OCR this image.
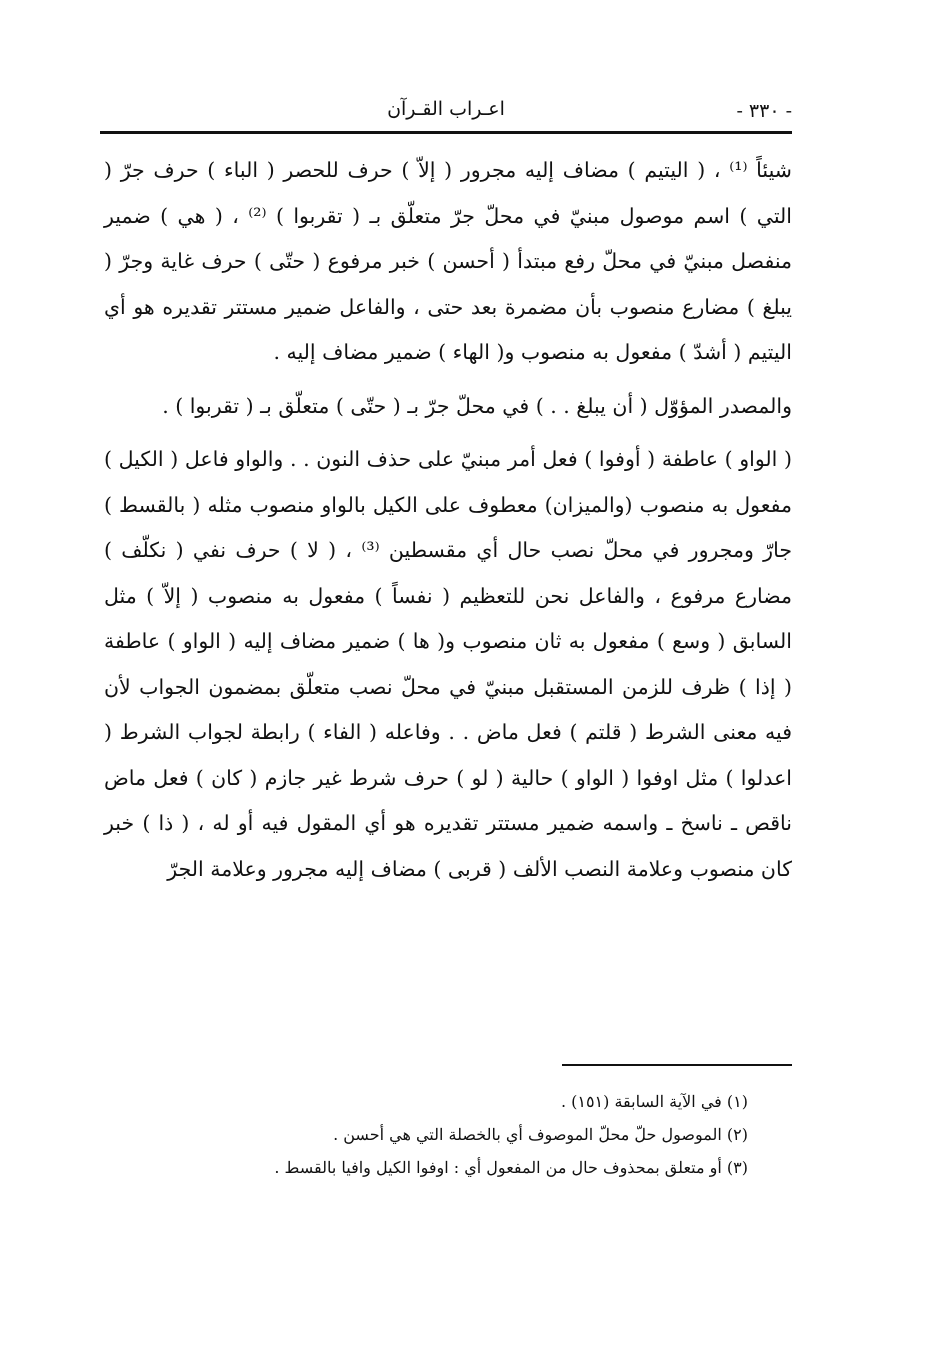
- ٣٣٠ -
اعـراب القـرآن

شيئاً ⁽¹⁾ ، ( اليتيم ) مضاف إليه مجرور ( إلاّ ) حرف للحصر ( الباء ) حرف جرّ ( التي ) اسم موصول مبنيّ في محلّ جرّ متعلّق بـ ( تقربوا ) ⁽²⁾ ، ( هي ) ضمير منفصل مبنيّ في محلّ رفع مبتدأ ( أحسن ) خبر مرفوع ( حتّى ) حرف غاية وجرّ ( يبلغ ) مضارع منصوب بأن مضمرة بعد حتى ، والفاعل ضمير مستتر تقديره هو أي اليتيم ( أشدّ ) مفعول به منصوب و( الهاء ) ضمير مضاف إليه .

والمصدر المؤوّل ( أن يبلغ . . ) في محلّ جرّ بـ ( حتّى ) متعلّق بـ ( تقربوا ) .

( الواو ) عاطفة ( أوفوا ) فعل أمر مبنيّ على حذف النون . . والواو فاعل ( الكيل ) مفعول به منصوب (والميزان) معطوف على الكيل بالواو منصوب مثله ( بالقسط ) جارّ ومجرور في محلّ نصب حال أي مقسطين ⁽³⁾ ، ( لا ) حرف نفي ( نكلّف ) مضارع مرفوع ، والفاعل نحن للتعظيم ( نفساً ) مفعول به منصوب ( إلاّ ) مثل السابق ( وسع ) مفعول به ثان منصوب و( ها ) ضمير مضاف إليه ( الواو ) عاطفة ( إذا ) ظرف للزمن المستقبل مبنيّ في محلّ نصب متعلّق بمضمون الجواب لأن فيه معنى الشرط ( قلتم ) فعل ماض . . وفاعله ( الفاء ) رابطة لجواب الشرط ( اعدلوا ) مثل اوفوا ( الواو ) حالية ( لو ) حرف شرط غير جازم ( كان ) فعل ماض ناقص ـ ناسخ ـ واسمه ضمير مستتر تقديره هو أي المقول فيه أو له ، ( ذا ) خبر كان منصوب وعلامة النصب الألف ( قربى ) مضاف إليه مجرور وعلامة الجرّ

(١) في الآية السابقة (١٥١) .

(٢) الموصول حلّ محلّ الموصوف أي بالخصلة التي هي أحسن .

(٣) أو متعلق بمحذوف حال من المفعول أي : اوفوا الكيل وافيا بالقسط .
